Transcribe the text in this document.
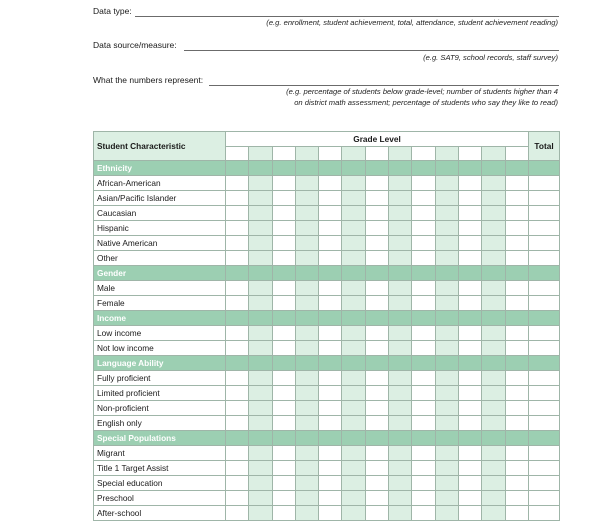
Data type:
(e.g. enrollment, student achievement, total, attendance, student achievement reading)
Data source/measure:
(e.g. SAT9, school records, staff survey)
What the numbers represent:
(e.g. percentage of students below grade-level; number of students higher than 4
on district math assessment; percentage of students who say they like to read)
Student Characteristic	Grade Level													Total

Ethnicity														
African-American														
Asian/Pacific Islander														
Caucasian														
Hispanic														
Native American														
Other														
Gender														
Male														
Female														
Income														
Low income														
Not low income														
Language Ability														
Fully proficient														
Limited proficient														
Non-proficient														
English only														
Special Populations														
Migrant														
Title 1 Target Assist														
Special education														
Preschool														
After-school														
